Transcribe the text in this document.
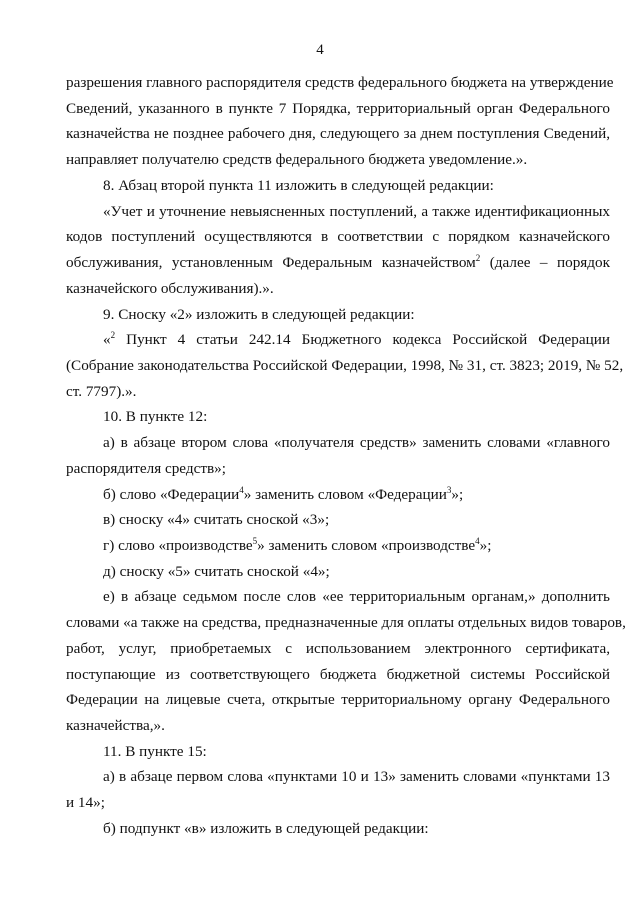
4
разрешения главного распорядителя средств федерального бюджета на утверждение
Сведений, указанного в пункте 7 Порядка, территориальный орган Федерального
казначейства не позднее рабочего дня, следующего за днем поступления Сведений,
направляет получателю средств федерального бюджета уведомление.».
8. Абзац второй пункта 11 изложить в следующей редакции:
«Учет и уточнение невыясненных поступлений, а также идентификационных
кодов поступлений осуществляются в соответствии с порядком казначейского
обслуживания, установленным Федеральным казначейством$^2$ (далее – порядок
казначейского обслуживания).».
9. Сноску «2» изложить в следующей редакции:
«$^2$ Пункт 4 статьи 242.14 Бюджетного кодекса Российской Федерации
(Собрание законодательства Российской Федерации, 1998, № 31, ст. 3823; 2019, № 52,
ст. 7797).».
10. В пункте 12:
а) в абзаце втором слова «получателя средств» заменить словами «главного
распорядителя средств»;
б) слово «Федерации$^4$» заменить словом «Федерации$^3$»;
в) сноску «4» считать сноской «3»;
г) слово «производстве$^5$» заменить словом «производстве$^4$»;
д) сноску «5» считать сноской «4»;
е) в абзаце седьмом после слов «ее территориальным органам,» дополнить
словами «а также на средства, предназначенные для оплаты отдельных видов товаров,
работ, услуг, приобретаемых с использованием электронного сертификата,
поступающие из соответствующего бюджета бюджетной системы Российской
Федерации на лицевые счета, открытые территориальному органу Федерального
казначейства,».
11. В пункте 15:
а) в абзаце первом слова «пунктами 10 и 13» заменить словами «пунктами 13
и 14»;
б) подпункт «в» изложить в следующей редакции:
